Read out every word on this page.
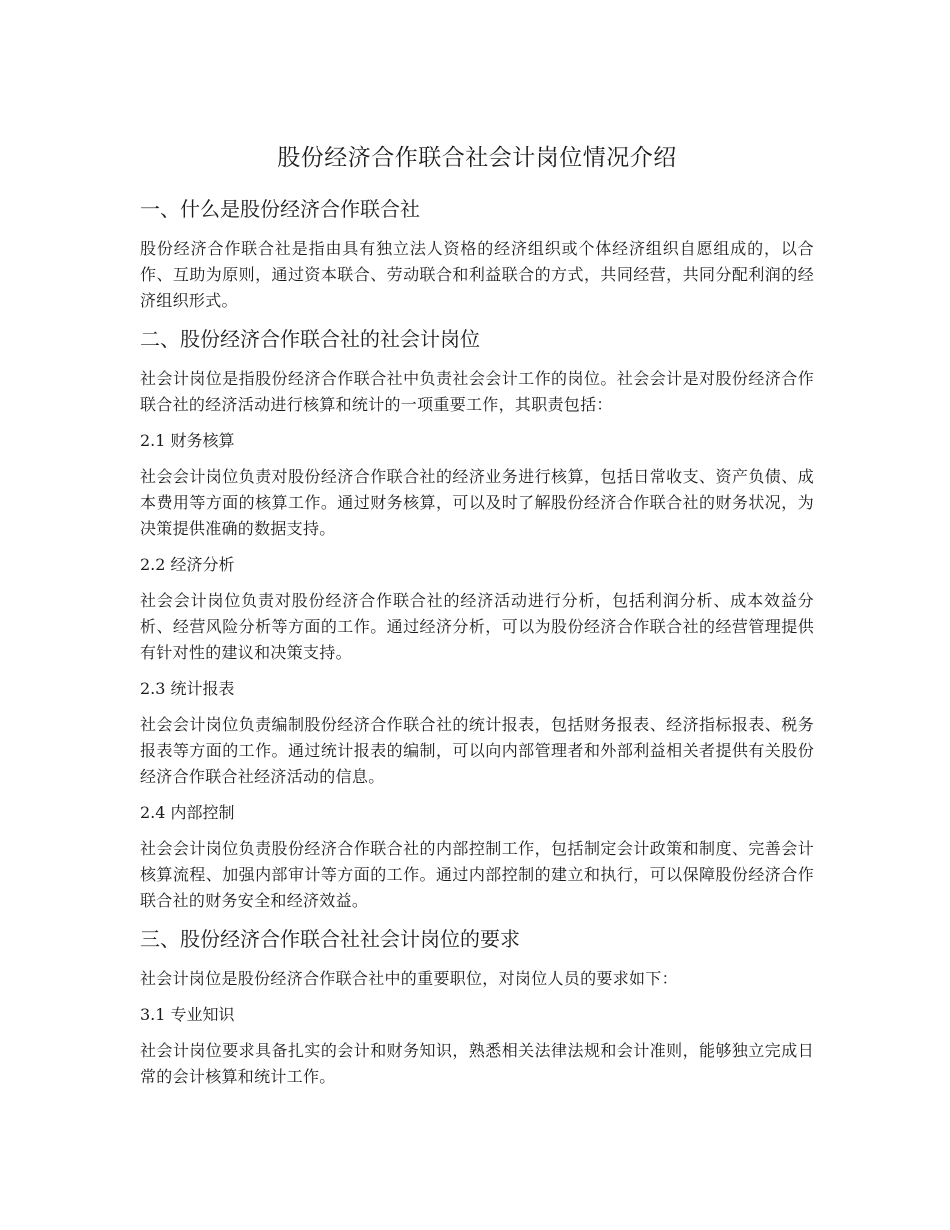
股份经济合作联合社会计岗位情况介绍
一、什么是股份经济合作联合社

股份经济合作联合社是指由具有独立法人资格的经济组织或个体经济组织自愿组成的，以合作、互助为原则，通过资本联合、劳动联合和利益联合的方式，共同经营，共同分配利润的经济组织形式。

二、股份经济合作联合社的社会计岗位

社会计岗位是指股份经济合作联合社中负责社会会计工作的岗位。社会会计是对股份经济合作联合社的经济活动进行核算和统计的一项重要工作，其职责包括：

2.1 财务核算

社会会计岗位负责对股份经济合作联合社的经济业务进行核算，包括日常收支、资产负债、成本费用等方面的核算工作。通过财务核算，可以及时了解股份经济合作联合社的财务状况，为决策提供准确的数据支持。

2.2 经济分析

社会会计岗位负责对股份经济合作联合社的经济活动进行分析，包括利润分析、成本效益分析、经营风险分析等方面的工作。通过经济分析，可以为股份经济合作联合社的经营管理提供有针对性的建议和决策支持。

2.3 统计报表

社会会计岗位负责编制股份经济合作联合社的统计报表，包括财务报表、经济指标报表、税务报表等方面的工作。通过统计报表的编制，可以向内部管理者和外部利益相关者提供有关股份经济合作联合社经济活动的信息。

2.4 内部控制

社会会计岗位负责股份经济合作联合社的内部控制工作，包括制定会计政策和制度、完善会计核算流程、加强内部审计等方面的工作。通过内部控制的建立和执行，可以保障股份经济合作联合社的财务安全和经济效益。

三、股份经济合作联合社社会计岗位的要求

社会计岗位是股份经济合作联合社中的重要职位，对岗位人员的要求如下：

3.1 专业知识

社会计岗位要求具备扎实的会计和财务知识，熟悉相关法律法规和会计准则，能够独立完成日常的会计核算和统计工作。
